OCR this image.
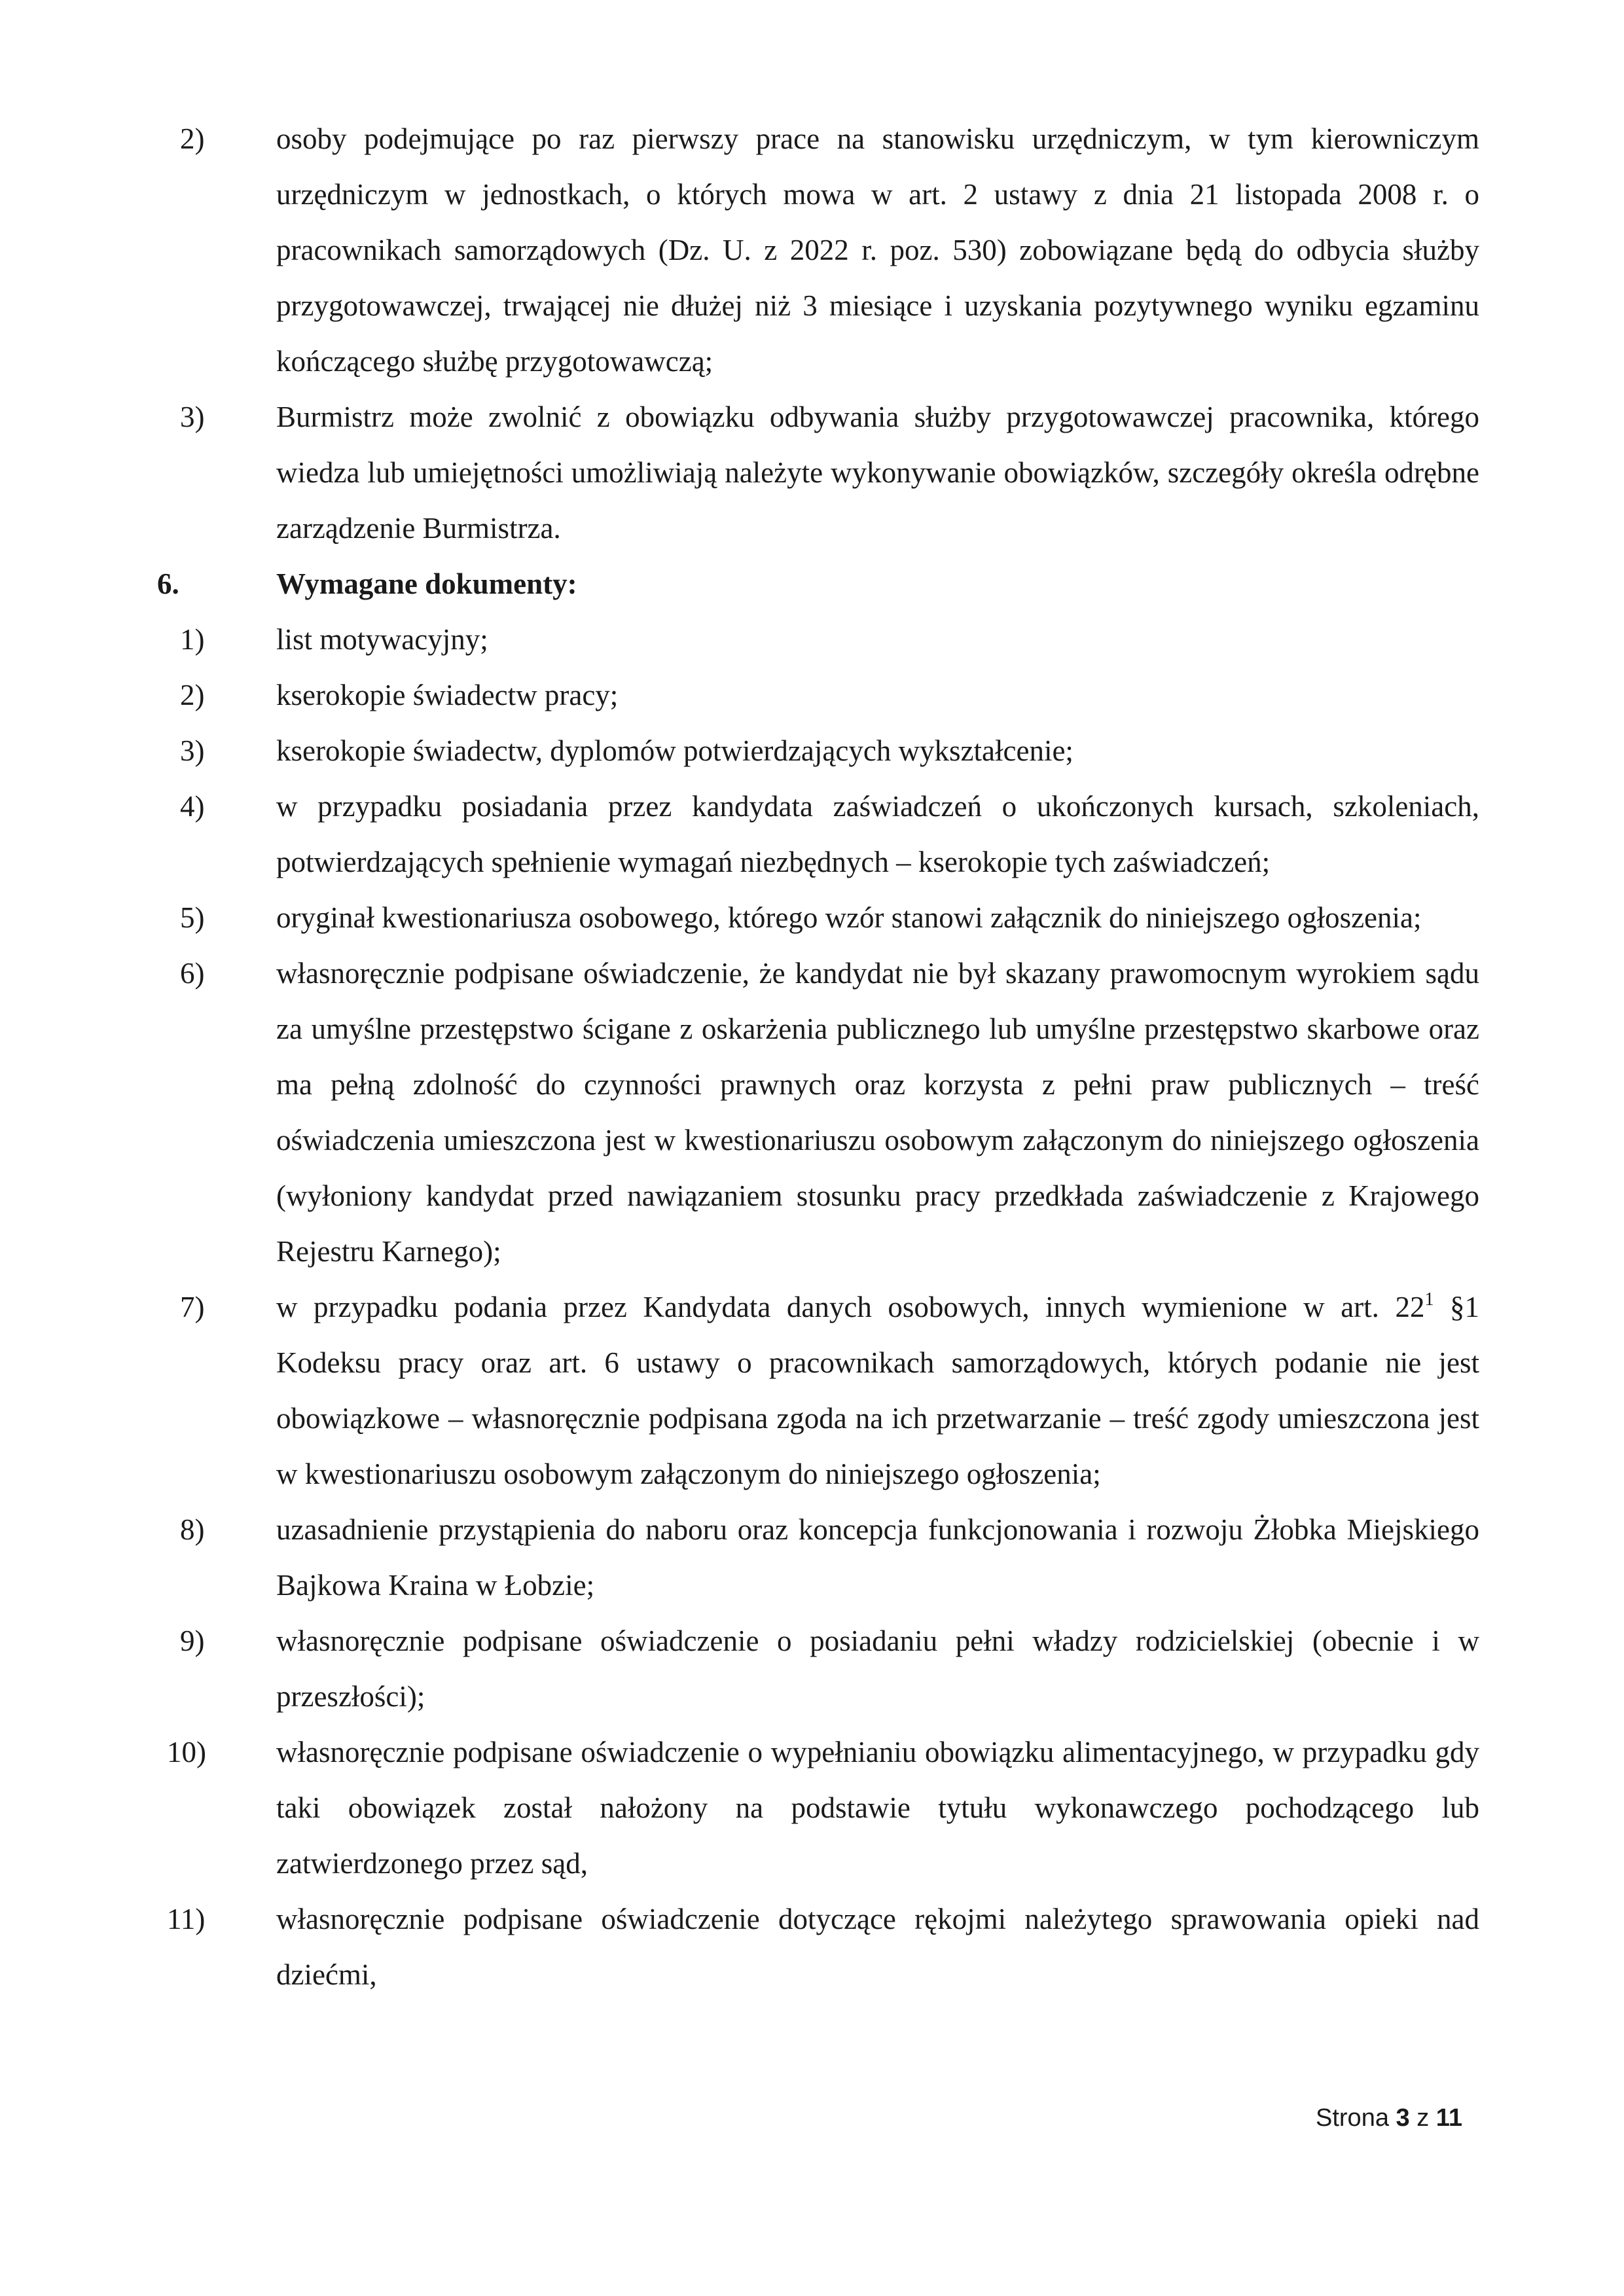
2)	osoby podejmujące po raz pierwszy prace na stanowisku urzędniczym, w tym kierowniczym urzędniczym w jednostkach, o których mowa w art. 2 ustawy z dnia 21 listopada 2008 r. o pracownikach samorządowych (Dz. U. z 2022 r. poz. 530) zobowiązane będą do odbycia służby przygotowawczej, trwającej nie dłużej niż 3 miesiące i uzyskania pozytywnego wyniku egzaminu kończącego służbę przygotowawczą;
3)	Burmistrz może zwolnić z obowiązku odbywania służby przygotowawczej pracownika, którego wiedza lub umiejętności umożliwiają należyte wykonywanie obowiązków, szczegóły określa odrębne zarządzenie Burmistrza.
6.	Wymagane dokumenty:
1)	list motywacyjny;
2)	kserokopie świadectw pracy;
3)	kserokopie świadectw, dyplomów potwierdzających wykształcenie;
4)	w przypadku posiadania przez kandydata zaświadczeń o ukończonych kursach, szkoleniach, potwierdzających spełnienie wymagań niezbędnych – kserokopie tych zaświadczeń;
5)	oryginał kwestionariusza osobowego, którego wzór stanowi załącznik do niniejszego ogłoszenia;
6)	własnoręcznie podpisane oświadczenie, że kandydat nie był skazany prawomocnym wyrokiem sądu za umyślne przestępstwo ścigane z oskarżenia publicznego lub umyślne przestępstwo skarbowe oraz ma pełną zdolność do czynności prawnych oraz korzysta z pełni praw publicznych – treść oświadczenia umieszczona jest w kwestionariuszu osobowym załączonym do niniejszego ogłoszenia (wyłoniony kandydat przed nawiązaniem stosunku pracy przedkłada zaświadczenie z Krajowego Rejestru Karnego);
7)	w przypadku podania przez Kandydata danych osobowych, innych wymienione w art. $22^1$ §1 Kodeksu pracy oraz art. 6 ustawy o pracownikach samorządowych, których podanie nie jest obowiązkowe – własnoręcznie podpisana zgoda na ich przetwarzanie – treść zgody umieszczona jest w kwestionariuszu osobowym załączonym do niniejszego ogłoszenia;
8)	uzasadnienie przystąpienia do naboru oraz koncepcja funkcjonowania i rozwoju Żłobka Miejskiego Bajkowa Kraina w Łobzie;
9)	własnoręcznie podpisane oświadczenie o posiadaniu pełni władzy rodzicielskiej (obecnie i w przeszłości);
10)	własnoręcznie podpisane oświadczenie o wypełnianiu obowiązku alimentacyjnego, w przypadku gdy taki obowiązek został nałożony na podstawie tytułu wykonawczego pochodzącego lub zatwierdzonego przez sąd,
11)	własnoręcznie podpisane oświadczenie dotyczące rękojmi należytego sprawowania opieki nad dziećmi,
Strona 3 z 11
